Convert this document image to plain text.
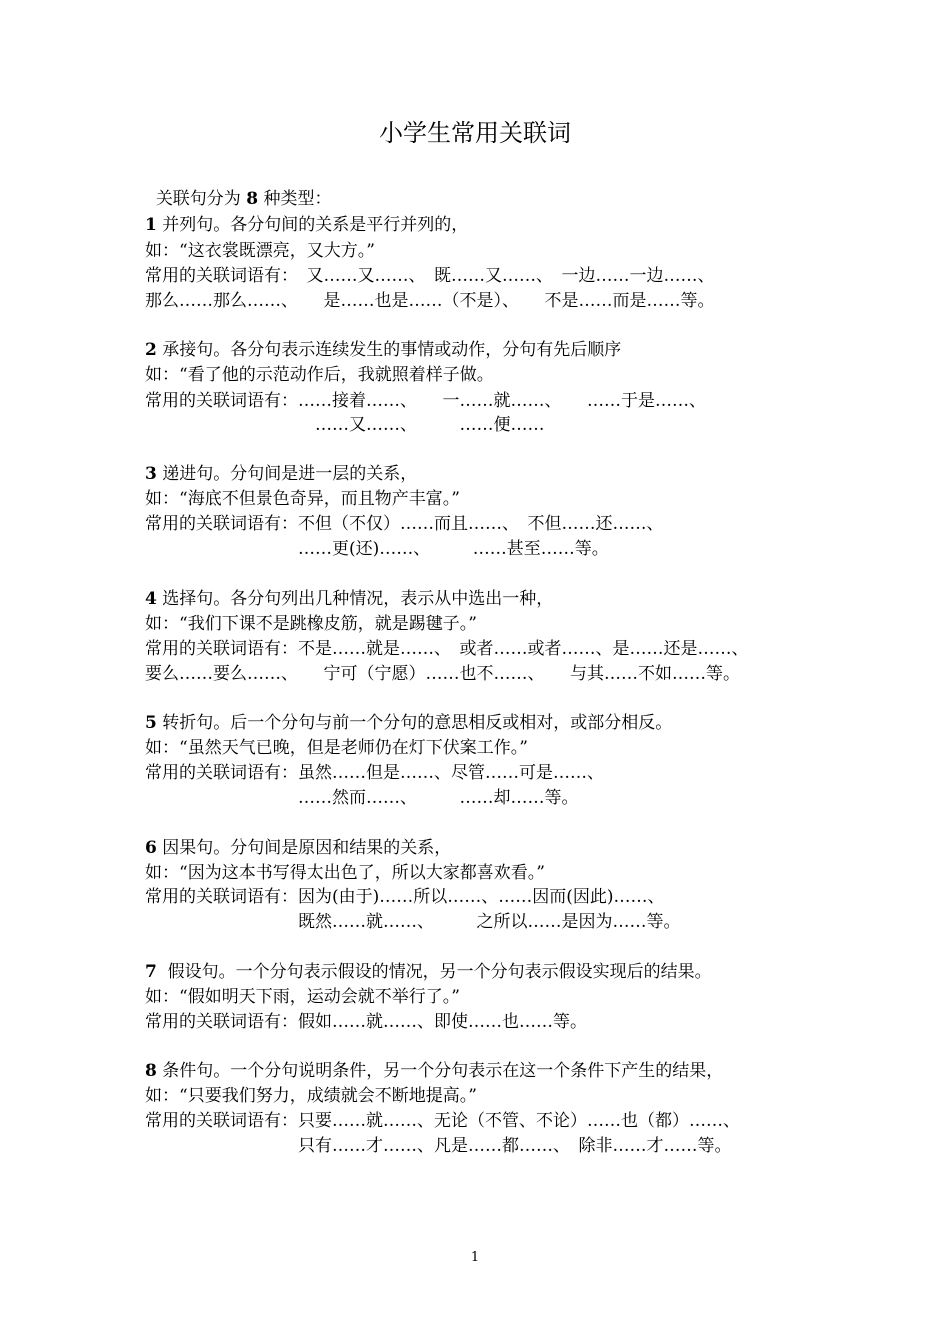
小学生常用关联词

关联句分为 8 种类型：

1 并列句。各分句间的关系是平行并列的，
如：“这衣裳既漂亮，又大方。”
常用的关联词语有：　又……又……、　既……又……、　一边……一边……、
那么……那么……、　　是……也是……（不是）、　　不是……而是……等。
2 承接句。各分句表示连续发生的事情或动作，分句有先后顺序
如：“看了他的示范动作后，我就照着样子做。
常用的关联词语有：……接着……、　　一……就……、　　……于是……、
　　　　　　　　　　……又……、　　　……便……
3 递进句。分句间是进一层的关系，
如：“海底不但景色奇异，而且物产丰富。”
常用的关联词语有：不但（不仅）……而且……、　不但……还……、
　　　　　　　　　……更(还)……、　　　……甚至……等。
4 选择句。各分句列出几种情况，表示从中选出一种，
如：“我们下课不是跳橡皮筋，就是踢毽子。”
常用的关联词语有：不是……就是……、　或者……或者……、是……还是……、
要么……要么……、　　宁可（宁愿）……也不……、　　与其……不如……等。
5 转折句。后一个分句与前一个分句的意思相反或相对，或部分相反。
如：“虽然天气已晚，但是老师仍在灯下伏案工作。”
常用的关联词语有：虽然……但是……、尽管……可是……、
　　　　　　　　　……然而……、　　　……却……等。
6 因果句。分句间是原因和结果的关系，
如：“因为这本书写得太出色了，所以大家都喜欢看。”
常用的关联词语有：因为(由于)……所以……、……因而(因此)……、
　　　　　　　　　既然……就……、　　　之所以……是因为……等。
7  假设句。一个分句表示假设的情况，另一个分句表示假设实现后的结果。
如：“假如明天下雨，运动会就不举行了。”
常用的关联词语有：假如……就……、即使……也……等。
8 条件句。一个分句说明条件，另一个分句表示在这一个条件下产生的结果，
如：“只要我们努力，成绩就会不断地提高。”
常用的关联词语有：只要……就……、无论（不管、不论）……也（都）……、
　　　　　　　　　只有……才……、凡是……都……、　除非……才……等。
1
